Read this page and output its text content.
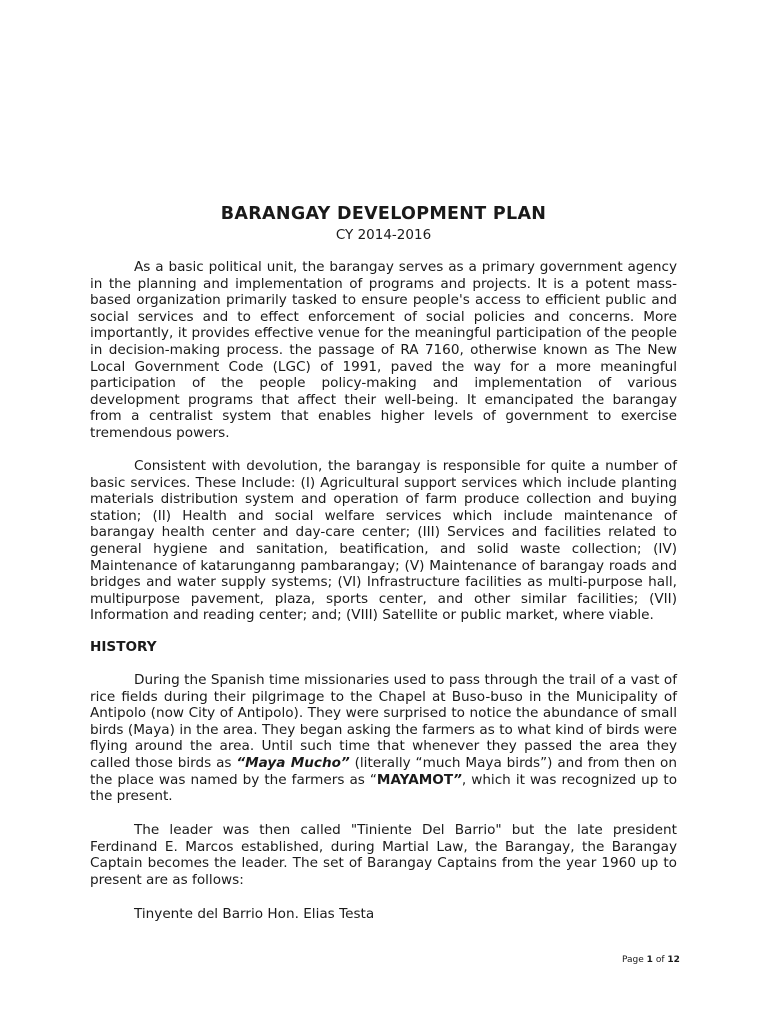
BARANGAY DEVELOPMENT PLAN
CY 2014-2016

As a basic political unit, the barangay serves as a primary government agency in the planning and implementation of programs and projects. It is a potent mass-based organization primarily tasked to ensure people's access to efficient public and social services and to effect enforcement of social policies and concerns. More importantly, it provides effective venue for the meaningful participation of the people in decision-making process. the passage of RA 7160, otherwise known as The New Local Government Code (LGC) of 1991, paved the way for a more meaningful participation of the people policy-making and implementation of various development programs that affect their well-being. It emancipated the barangay from a centralist system that enables higher levels of government to exercise tremendous powers.

Consistent with devolution, the barangay is responsible for quite a number of basic services. These Include: (I) Agricultural support services which include planting materials distribution system and operation of farm produce collection and buying station; (II) Health and social welfare services which include maintenance of barangay health center and day-care center; (III) Services and facilities related to general hygiene and sanitation, beatification, and solid waste collection; (IV) Maintenance of katarunganng pambarangay; (V) Maintenance of barangay roads and bridges and water supply systems; (VI) Infrastructure facilities as multi-purpose hall, multipurpose pavement, plaza, sports center, and other similar facilities; (VII) Information and reading center; and; (VIII) Satellite or public market, where viable.

HISTORY

During the Spanish time missionaries used to pass through the trail of a vast of rice fields during their pilgrimage to the Chapel at Buso-buso in the Municipality of Antipolo (now City of Antipolo). They were surprised to notice the abundance of small birds (Maya) in the area. They began asking the farmers as to what kind of birds were flying around the area. Until such time that whenever they passed the area they called those birds as “Maya Mucho” (literally “much Maya birds”) and from then on the place was named by the farmers as “MAYAMOT”, which it was recognized up to the present.

The leader was then called "Tiniente Del Barrio" but the late president Ferdinand E. Marcos established, during Martial Law, the Barangay, the Barangay Captain becomes the leader. The set of Barangay Captains from the year 1960 up to present are as follows:

Tinyente del Barrio Hon. Elias Testa
Page 1 of 12
